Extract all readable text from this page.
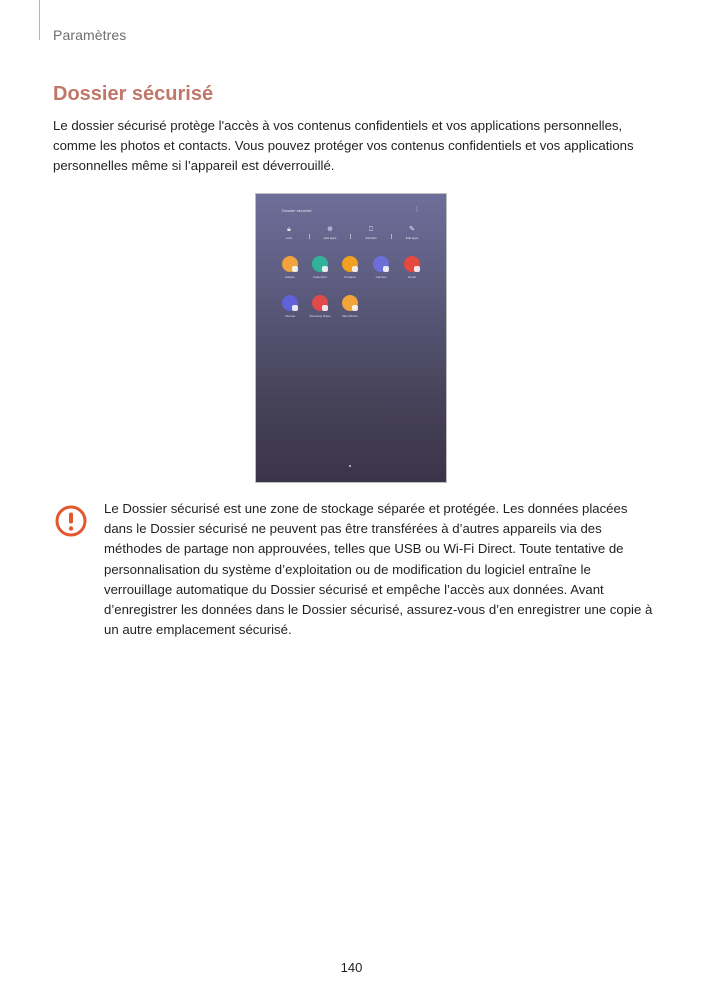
Paramètres
Dossier sécurisé

Le dossier sécurisé protège l'accès à vos contenus confidentiels et vos applications personnelles, comme les photos et contacts. Vous pouvez protéger vos contenus confidentiels et vos applications personnelles même si l’appareil est déverrouillé.

Dossier sécurisé	⋮
🔒︎
Lock
⊕
Add apps
⎕
Add files
✎
Edit apps
Galerie	Calendrier	Contacts	Caméra	Email
Internet	Samsung Notes	Mes fichiers

Le Dossier sécurisé est une zone de stockage séparée et protégée. Les données placées dans le Dossier sécurisé ne peuvent pas être transférées à d’autres appareils via des méthodes de partage non approuvées, telles que USB ou Wi-Fi Direct. Toute tentative de personnalisation du système d’exploitation ou de modification du logiciel entraîne le verrouillage automatique du Dossier sécurisé et empêche l’accès aux données. Avant d’enregistrer les données dans le Dossier sécurisé, assurez-vous d’en enregistrer une copie à un autre emplacement sécurisé.

140
